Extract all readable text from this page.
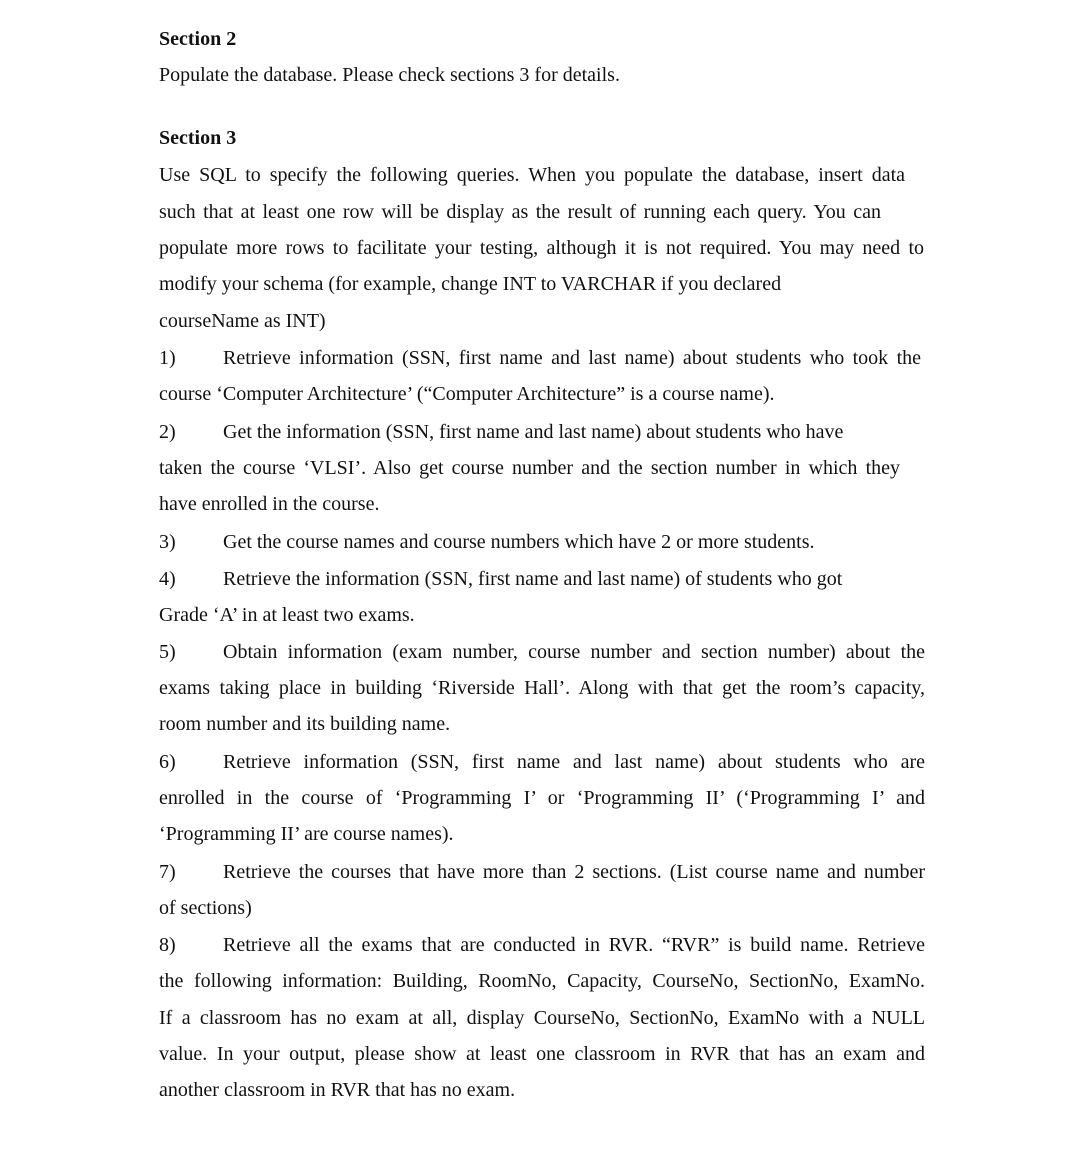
Section 2
Populate the database. Please check sections 3 for details.
Section 3
Use SQL to specify the following queries. When you populate the database, insert data
such that at least one row will be display as the result of running each query. You can
populate more rows to facilitate your testing, although it is not required. You may need to
modify your schema (for example, change INT to VARCHAR if you declared
courseName as INT)
1) Retrieve information (SSN, first name and last name) about students who took the
course ‘Computer Architecture’ (“Computer Architecture” is a course name).
2) Get the information (SSN, first name and last name) about students who have
taken the course ‘VLSI’. Also get course number and the section number in which they
have enrolled in the course.
3) Get the course names and course numbers which have 2 or more students.
4) Retrieve the information (SSN, first name and last name) of students who got
Grade ‘A’ in at least two exams.
5) Obtain information (exam number, course number and section number) about the
exams taking place in building ‘Riverside Hall’. Along with that get the room’s capacity,
room number and its building name.
6) Retrieve information (SSN, first name and last name) about students who are
enrolled in the course of ‘Programming I’ or ‘Programming II’ (‘Programming I’ and
‘Programming II’ are course names).
7) Retrieve the courses that have more than 2 sections. (List course name and number
of sections)
8) Retrieve all the exams that are conducted in RVR. “RVR” is build name. Retrieve
the following information: Building, RoomNo, Capacity, CourseNo, SectionNo, ExamNo.
If a classroom has no exam at all, display CourseNo, SectionNo, ExamNo with a NULL
value. In your output, please show at least one classroom in RVR that has an exam and
another classroom in RVR that has no exam.
